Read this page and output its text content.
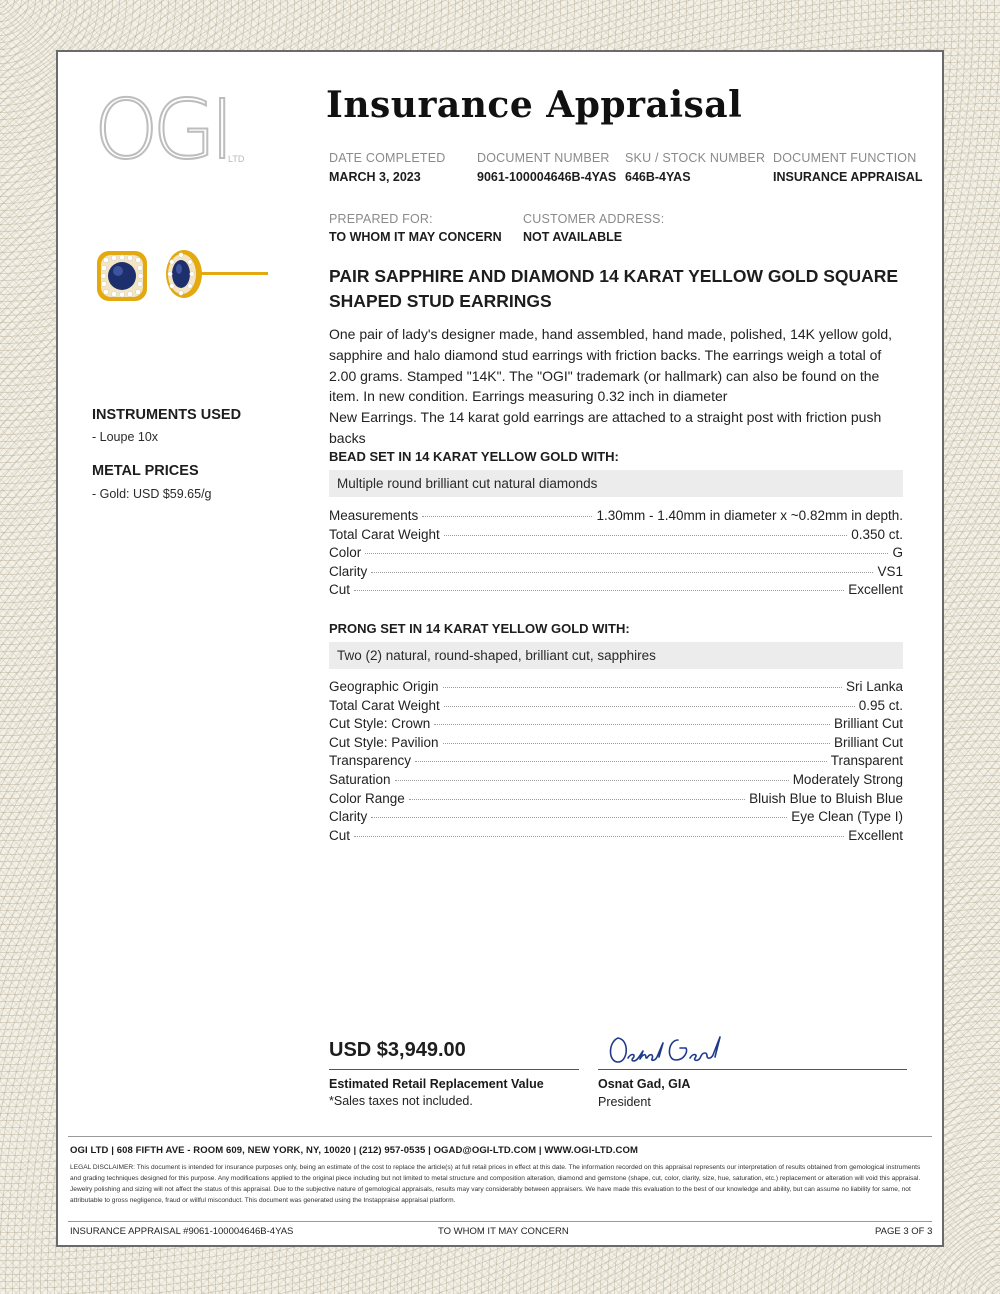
OGI LTD
Insurance Appraisal
DATE COMPLETED
MARCH 3, 2023
DOCUMENT NUMBER
9061-100004646B-4YAS
SKU / STOCK NUMBER
646B-4YAS
DOCUMENT FUNCTION
INSURANCE APPRAISAL
PREPARED FOR:
TO WHOM IT MAY CONCERN
CUSTOMER ADDRESS:
NOT AVAILABLE
INSTRUMENTS USED
- Loupe 10x
METAL PRICES
- Gold: USD $59.65/g
PAIR SAPPHIRE AND DIAMOND 14 KARAT YELLOW GOLD SQUARE SHAPED STUD EARRINGS
One pair of lady's designer made, hand assembled, hand made, polished, 14K yellow gold, sapphire and halo diamond stud earrings with friction backs. The earrings weigh a total of 2.00 grams. Stamped "14K". The "OGI" trademark (or hallmark) can also be found on the item. In new condition. Earrings measuring 0.32 inch in diameter
New Earrings. The 14 karat gold earrings are attached to a straight post with friction push backs
BEAD SET IN 14 KARAT YELLOW GOLD WITH:
Multiple round brilliant cut natural diamonds
Measurements	1.30mm - 1.40mm in diameter x ~0.82mm in depth.
Total Carat Weight	0.350 ct.
Color	G
Clarity	VS1
Cut	Excellent
PRONG SET IN 14 KARAT YELLOW GOLD WITH:
Two (2) natural, round-shaped, brilliant cut, sapphires
Geographic Origin	Sri Lanka
Total Carat Weight	0.95 ct.
Cut Style: Crown	Brilliant Cut
Cut Style: Pavilion	Brilliant Cut
Transparency	Transparent
Saturation	Moderately Strong
Color Range	Bluish Blue to Bluish Blue
Clarity	Eye Clean (Type I)
Cut	Excellent
USD $3,949.00
Estimated Retail Replacement Value
*Sales taxes not included.
Osnat Gad, GIA
President
OGI LTD | 608 FIFTH AVE - ROOM 609, NEW YORK, NY, 10020 | (212) 957-0535 | OGAD@OGI-LTD.COM | WWW.OGI-LTD.COM
LEGAL DISCLAIMER: This document is intended for insurance purposes only, being an estimate of the cost to replace the article(s) at full retail prices in effect at this date. The information recorded on this appraisal represents our interpretation of results obtained from gemological instruments and grading techniques designed for this purpose. Any modifications applied to the original piece including but not limited to metal structure and composition alteration, diamond and gemstone (shape, cut, color, clarity, size, hue, saturation, etc.) replacement or alteration will void this appraisal. Jewelry polishing and sizing will not affect the status of this appraisal. Due to the subjective nature of gemological appraisals, results may vary considerably between appraisers. We have made this evaluation to the best of our knowledge and ability, but can assume no liability for same, not attributable to gross negligence, fraud or willful misconduct. This document was generated using the Instappraise appraisal platform.
INSURANCE APPRAISAL #9061-100004646B-4YAS	TO WHOM IT MAY CONCERN	PAGE 3 OF 3
